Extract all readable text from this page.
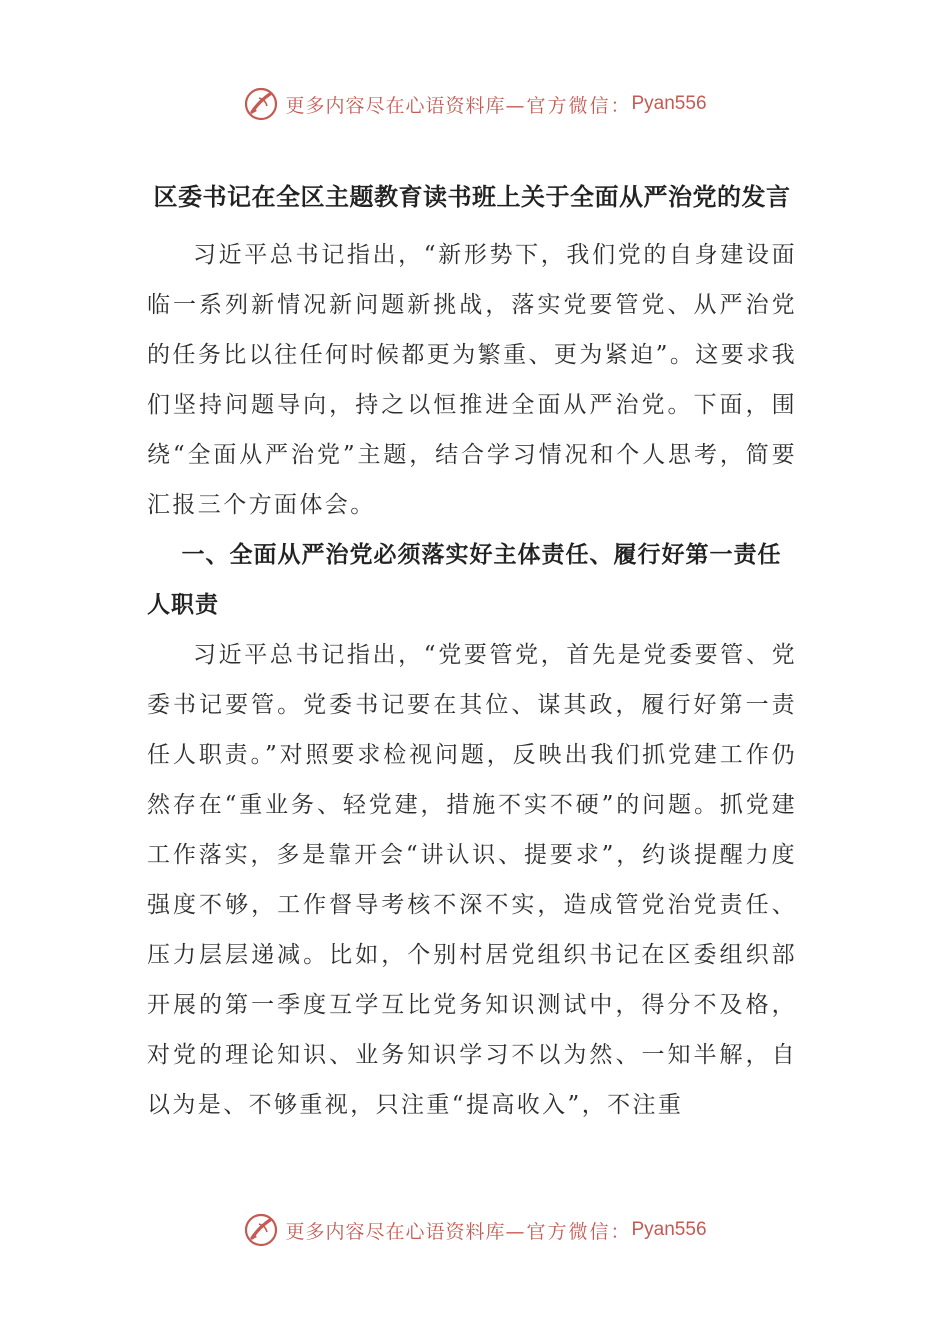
更多内容尽在心语资料库 —官方微信： Pyan556
区委书记在全区主题教育读书班上关于全面从严治党的发言

习近平总书记指出，“新形势下，我们党的自身建设面临一系列新情况新问题新挑战，落实党要管党、从严治党的任务比以往任何时候都更为繁重、更为紧迫”。这要求我们坚持问题导向，持之以恒推进全面从严治党。下面，围绕“全面从严治党”主题，结合学习情况和个人思考，简要汇报三个方面体会。

一、全面从严治党必须落实好主体责任、履行好第一责任人职责

习近平总书记指出，“党要管党，首先是党委要管、党委书记要管。党委书记要在其位、谋其政，履行好第一责任人职责。”对照要求检视问题，反映出我们抓党建工作仍然存在“重业务、轻党建，措施不实不硬”的问题。抓党建工作落实，多是靠开会“讲认识、提要求”，约谈提醒力度强度不够，工作督导考核不深不实，造成管党治党责任、压力层层递减。比如，个别村居党组织书记在区委组织部开展的第一季度互学互比党务知识测试中，得分不及格，对党的理论知识、业务知识学习不以为然、一知半解，自以为是、不够重视，只注重“提高收入”，不注重

更多内容尽在心语资料库 —官方微信： Pyan556
